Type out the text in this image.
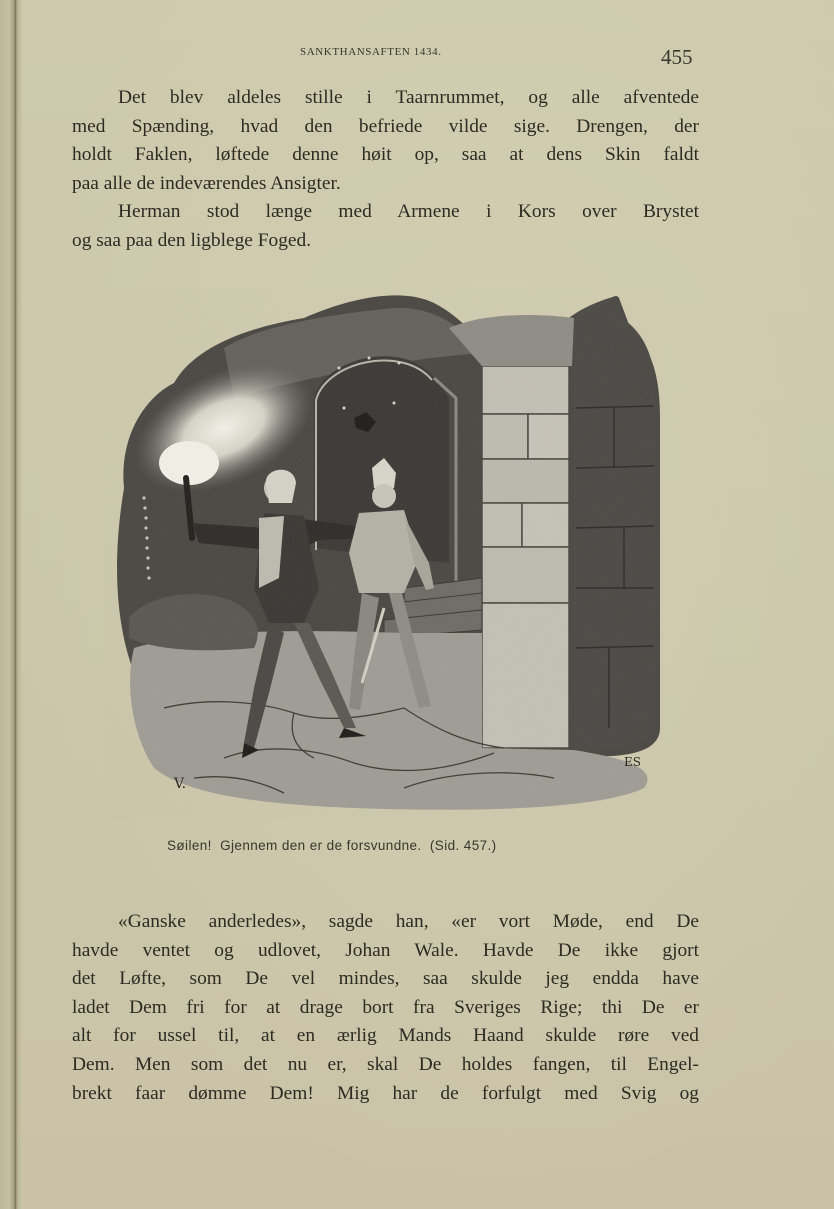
SANKTHANSAFTEN 1434.	455
Det blev aldeles stille i Taarnrummet, og alle afventede
med Spænding, hvad den befriede vilde sige. Drengen, der
holdt Faklen, løftede denne høit op, saa at dens Skin faldt
paa alle de indeværendes Ansigter.
Herman stod længe med Armene i Kors over Brystet
og saa paa den ligblege Foged.
V.
ES
Søilen!  Gjennem den er de forsvundne.  (Sid. 457.)
«Ganske anderledes», sagde han, «er vort Møde, end De
havde ventet og udlovet, Johan Wale. Havde De ikke gjort
det Løfte, som De vel mindes, saa skulde jeg endda have
ladet Dem fri for at drage bort fra Sveriges Rige; thi De er
alt for ussel til, at en ærlig Mands Haand skulde røre ved
Dem. Men som det nu er, skal De holdes fangen, til Engel-
brekt faar dømme Dem! Mig har de forfulgt med Svig og
